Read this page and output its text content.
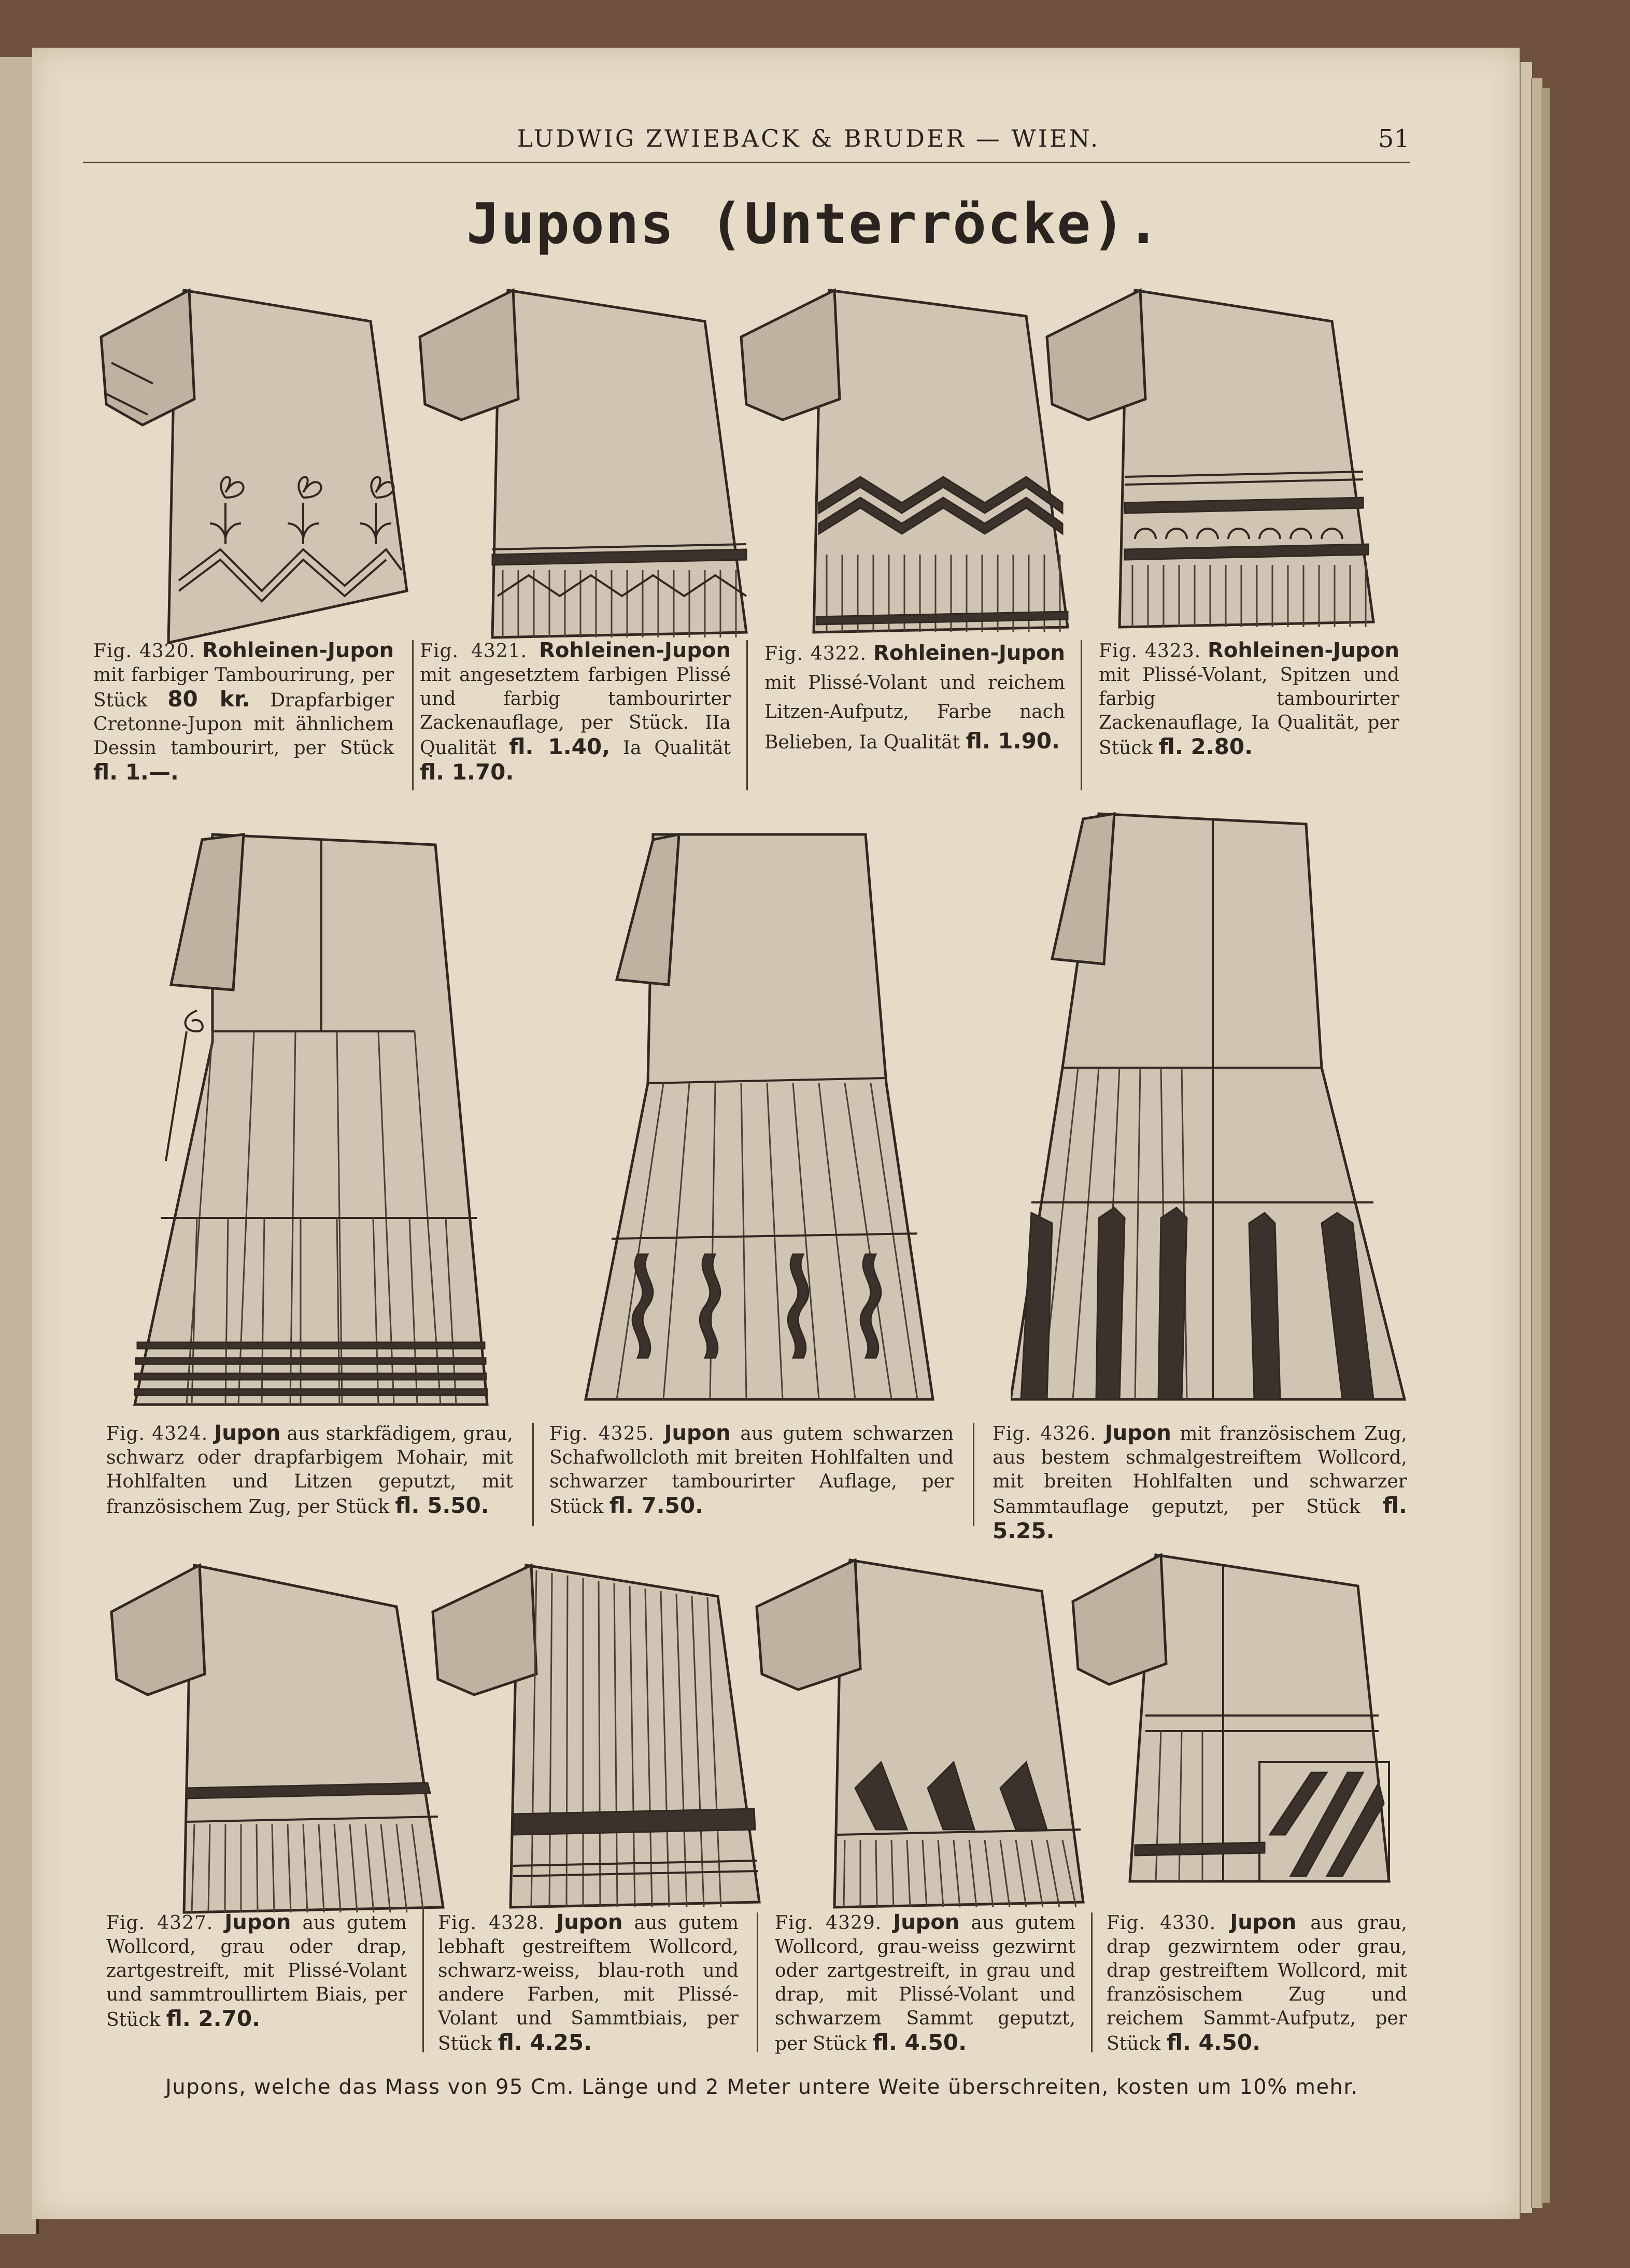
LUDWIG ZWIEBACK & BRUDER — WIEN.	51
Jupons (Unterröcke).
Fig. 4320. Rohleinen-Jupon mit farbiger Tambourirung, per Stück 80 kr. Drapfarbiger Cretonne-Jupon mit ähnlichem Dessin tambourirt, per Stück fl. 1.—.
Fig. 4321. Rohleinen-Jupon mit angesetztem farbigen Plissé und farbig tambourirter Zackenauflage, per Stück. IIa Qualität fl. 1.40, Ia Qualität fl. 1.70.
Fig. 4322. Rohleinen-Jupon mit Plissé-Volant und reichem Litzen-Aufputz, Farbe nach Belieben, Ia Qualität fl. 1.90.
Fig. 4323. Rohleinen-Jupon mit Plissé-Volant, Spitzen und farbig tambourirter Zackenauflage, Ia Qualität, per Stück fl. 2.80.
Fig. 4324. Jupon aus starkfädigem, grau, schwarz oder drapfarbigem Mohair, mit Hohlfalten und Litzen geputzt, mit französischem Zug, per Stück fl. 5.50.
Fig. 4325. Jupon aus gutem schwarzen Schafwollcloth mit breiten Hohlfalten und schwarzer tambourirter Auflage, per Stück fl. 7.50.
Fig. 4326. Jupon mit französischem Zug, aus bestem schmalgestreiftem Wollcord, mit breiten Hohlfalten und schwarzer Sammtauflage geputzt, per Stück fl. 5.25.
Fig. 4327. Jupon aus gutem Wollcord, grau oder drap, zartgestreift, mit Plissé-Volant und sammtroullirtem Biais, per Stück fl. 2.70.
Fig. 4328. Jupon aus gutem lebhaft gestreiftem Wollcord, schwarz-weiss, blau-roth und andere Farben, mit Plissé-Volant und Sammtbiais, per Stück fl. 4.25.
Fig. 4329. Jupon aus gutem Wollcord, grau-weiss gezwirnt oder zartgestreift, in grau und drap, mit Plissé-Volant und schwarzem Sammt geputzt, per Stück fl. 4.50.
Fig. 4330. Jupon aus grau, drap gezwirntem oder grau, drap gestreiftem Wollcord, mit französischem Zug und reichem Sammt-Aufputz, per Stück fl. 4.50.
Jupons, welche das Mass von 95 Cm. Länge und 2 Meter untere Weite überschreiten, kosten um 10% mehr.
